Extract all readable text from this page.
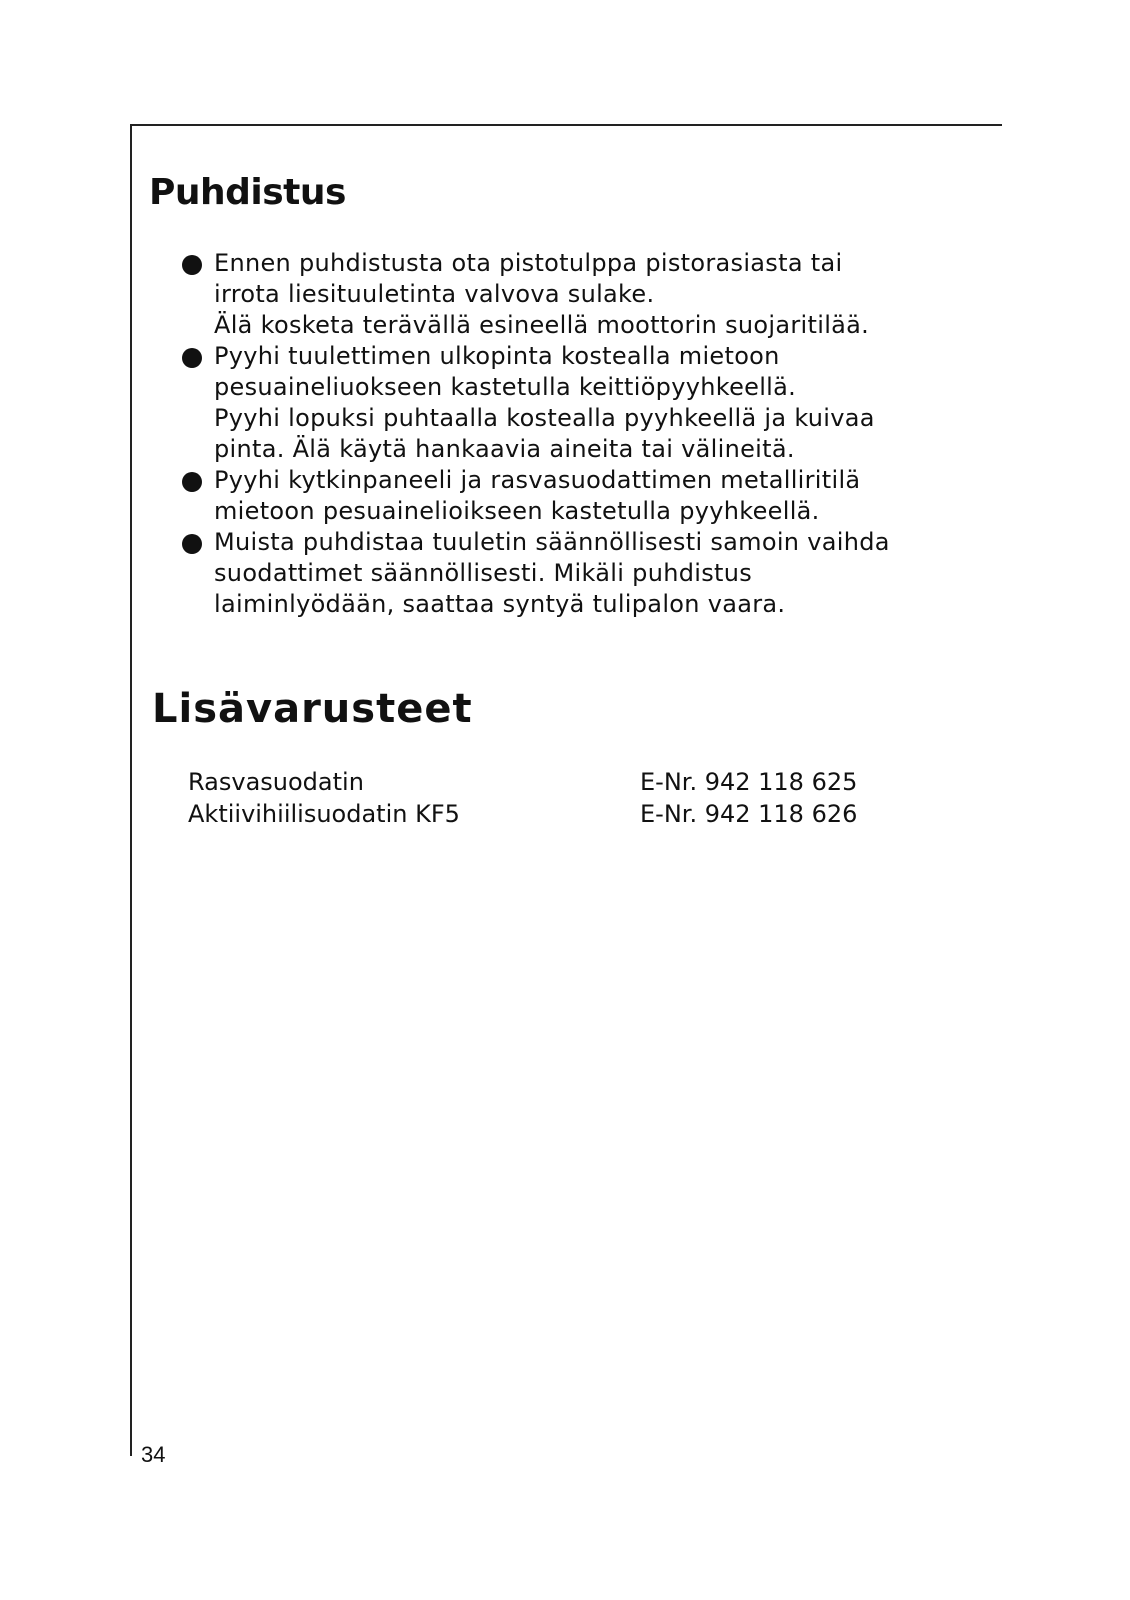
Puhdistus
Ennen puhdistusta ota pistotulppa pistorasiasta tai
irrota liesituuletinta valvova sulake.
Älä kosketa terävällä esineellä moottorin suojaritilää.
Pyyhi tuulettimen ulkopinta kostealla mietoon
pesuaineliuokseen kastetulla keittiöpyyhkeellä.
Pyyhi lopuksi puhtaalla kostealla pyyhkeellä ja kuivaa
pinta. Älä käytä hankaavia aineita tai välineitä.
Pyyhi kytkinpaneeli ja rasvasuodattimen metalliritilä
mietoon pesuainelioikseen kastetulla pyyhkeellä.
Muista puhdistaa tuuletin säännöllisesti samoin vaihda
suodattimet säännöllisesti. Mikäli puhdistus
laiminlyödään, saattaa syntyä tulipalon vaara.
Lisävarusteet
Rasvasuodatin	E-Nr. 942 118 625
Aktiivihiilisuodatin KF5	E-Nr. 942 118 626
34
